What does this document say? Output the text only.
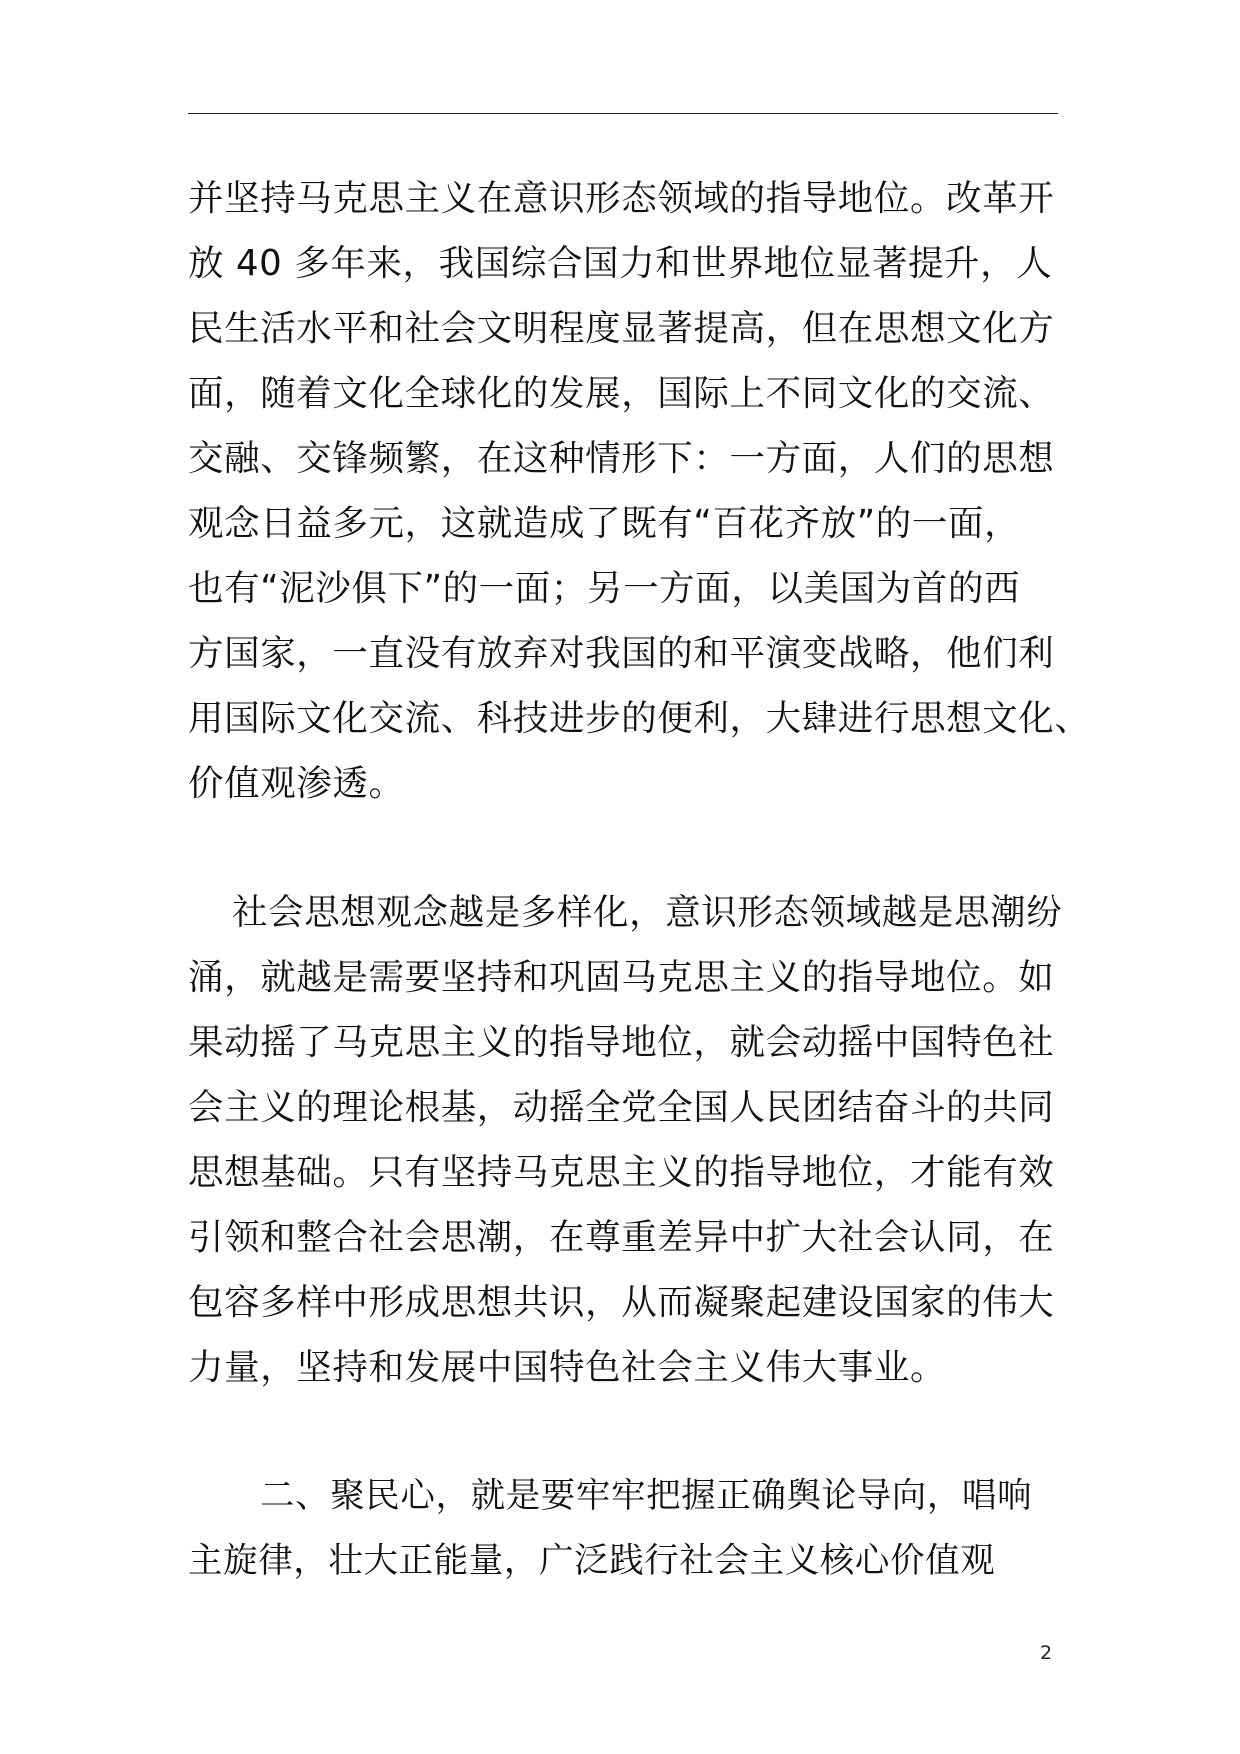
并坚持马克思主义在意识形态领域的指导地位。改革开
放 40 多年来，我国综合国力和世界地位显著提升，人
民生活水平和社会文明程度显著提高，但在思想文化方
面，随着文化全球化的发展，国际上不同文化的交流、
交融、交锋频繁，在这种情形下：一方面，人们的思想
观念日益多元，这就造成了既有“百花齐放”的一面，
也有“泥沙俱下”的一面；另一方面，以美国为首的西
方国家，一直没有放弃对我国的和平演变战略，他们利
用国际文化交流、科技进步的便利，大肆进行思想文化、
价值观渗透。
社会思想观念越是多样化，意识形态领域越是思潮纷
涌，就越是需要坚持和巩固马克思主义的指导地位。如
果动摇了马克思主义的指导地位，就会动摇中国特色社
会主义的理论根基，动摇全党全国人民团结奋斗的共同
思想基础。只有坚持马克思主义的指导地位，才能有效
引领和整合社会思潮，在尊重差异中扩大社会认同，在
包容多样中形成思想共识，从而凝聚起建设国家的伟大
力量，坚持和发展中国特色社会主义伟大事业。
二、聚民心，就是要牢牢把握正确舆论导向，唱响
主旋律，壮大正能量，广泛践行社会主义核心价值观
2
